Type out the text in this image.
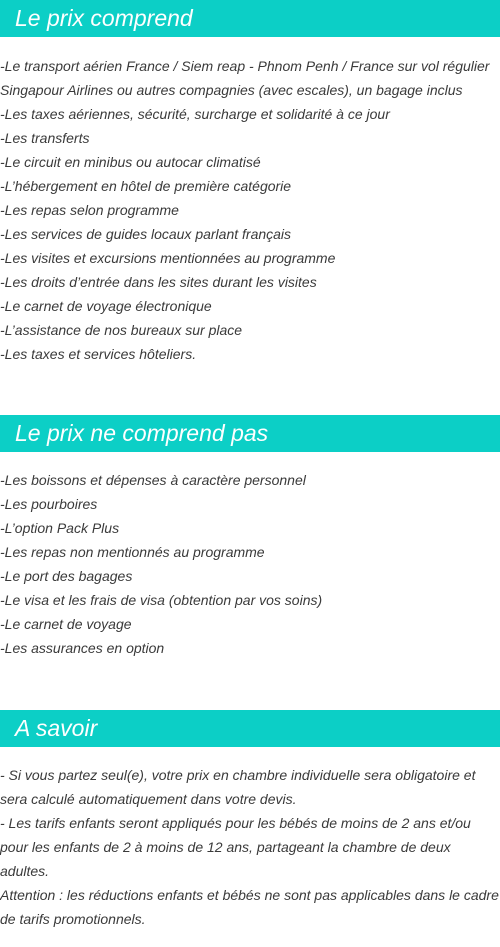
Le prix comprend
-Le transport aérien France / Siem reap - Phnom Penh / France sur vol régulier Singapour Airlines ou autres compagnies (avec escales), un bagage inclus
-Les taxes aériennes, sécurité, surcharge et solidarité à ce jour
-Les transferts
-Le circuit en minibus ou autocar climatisé
-L’hébergement en hôtel de première catégorie
-Les repas selon programme
-Les services de guides locaux parlant français
-Les visites et excursions mentionnées au programme
-Les droits d’entrée dans les sites durant les visites
-Le carnet de voyage électronique
-L’assistance de nos bureaux sur place
-Les taxes et services hôteliers.
Le prix ne comprend pas
-Les boissons et dépenses à caractère personnel
-Les pourboires
-L’option Pack Plus
-Les repas non mentionnés au programme
-Le port des bagages
-Le visa et les frais de visa (obtention par vos soins)
-Le carnet de voyage
-Les assurances en option
A savoir
- Si vous partez seul(e), votre prix en chambre individuelle sera obligatoire et sera calculé automatiquement dans votre devis.
- Les tarifs enfants seront appliqués pour les bébés de moins de 2 ans et/ou pour les enfants de 2 à moins de 12 ans, partageant la chambre de deux adultes.
Attention : les réductions enfants et bébés ne sont pas applicables dans le cadre de tarifs promotionnels.
